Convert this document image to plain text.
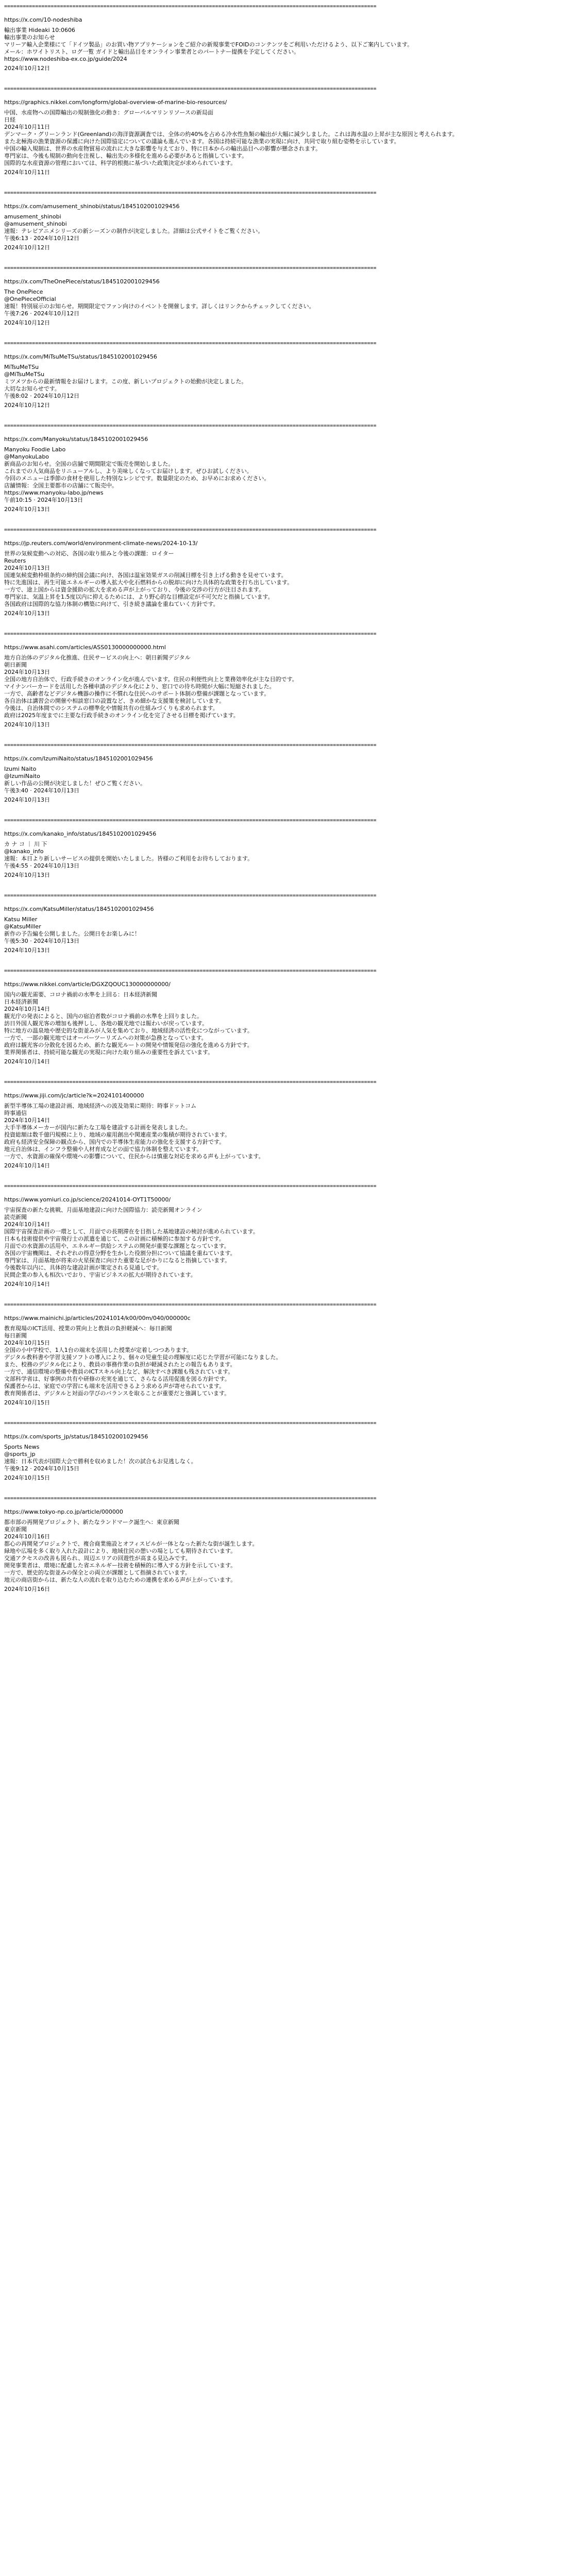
========================================================================================================================
https://x.com/10-nodeshiba
輸出事業 Hideaki 10:0606
輸出事業のお知らせ
マリーア輸入企業様にて「ドイツ製品」のお買い物アプリケーションをご紹介の新規事業でFOIDのコンテンツをご利用いただけるよう、以下ご案内しています。
メール：ホワイトリスト、ログ一覧 ガイドと輸出品目をオンライン事業者とのパートナー提携を予定してください。
https://www.nodeshiba-ex.co.jp/guide/2024
2024年10月12日
========================================================================================================================
https://graphics.nikkei.com/longform/global-overview-of-marine-bio-resources/
中国、水産物への国際輸出の規制強化の動き：グローバルマリンリソースの新局面
日経
2024年10月11日
デンマーク・グリーンランド(Greenland)の海洋資源調査では、全体の約40%を占める冷水性魚類の輸出が大幅に減少しました。これは海水温の上昇が主な原因と考えられます。
また北極海の漁業資源の保護に向けた国際協定についての議論も進んでいます。各国は持続可能な漁業の実現に向け、共同で取り組む姿勢を示しています。
中国の輸入規制は、世界の水産物貿易の流れに大きな影響を与えており、特に日本からの輸出品目への影響が懸念されます。
専門家は、今後も規制の動向を注視し、輸出先の多様化を進める必要があると指摘しています。
国際的な水産資源の管理においては、科学的根拠に基づいた政策決定が求められています。
2024年10月11日
========================================================================================================================
https://x.com/amusement_shinobi/status/1845102001029456
amusement_shinobi
@amusement_shinobi
速報：テレビアニメシリーズの新シーズンの制作が決定しました。詳細は公式サイトをご覧ください。
午後6:13 · 2024年10月12日
2024年10月12日
========================================================================================================================
https://x.com/TheOnePiece/status/1845102001029456
The OnePiece
@OnePieceOfficial
速報！特別展示のお知らせ。期間限定でファン向けのイベントを開催します。詳しくはリンクからチェックしてください。
午後7:26 · 2024年10月12日
2024年10月12日
========================================================================================================================
https://x.com/MiTsuMeTSu/status/1845102001029456
MiTsuMeTSu
@MiTsuMeTSu
ミツメツからの最新情報をお届けします。この度、新しいプロジェクトの始動が決定しました。
大切なお知らせです。
午後8:02 · 2024年10月12日
2024年10月12日
========================================================================================================================
https://x.com/Manyoku/status/1845102001029456
Manyoku Foodie Labo
@ManyokuLabo
新商品のお知らせ。全国の店舗で期間限定で販売を開始しました。
これまでの人気商品をリニューアルし、より美味しくなってお届けします。ぜひお試しください。
今回のメニューは季節の食材を使用した特別なレシピです。数量限定のため、お早めにお求めください。
店舗情報：全国主要都市の店舗にて販売中。
https://www.manyoku-labo.jp/news
午前10:15 · 2024年10月13日
2024年10月13日
========================================================================================================================
https://jp.reuters.com/world/environment-climate-news/2024-10-13/
世界の気候変動への対応、各国の取り組みと今後の課題：ロイター
Reuters
2024年10月13日
国連気候変動枠組条約の締約国会議に向け、各国は温室効果ガスの削減目標を引き上げる動きを見せています。
特に先進国は、再生可能エネルギーの導入拡大や化石燃料からの脱却に向けた具体的な政策を打ち出しています。
一方で、途上国からは資金援助の拡大を求める声が上がっており、今後の交渉の行方が注目されます。
専門家は、気温上昇を1.5度以内に抑えるためには、より野心的な目標設定が不可欠だと指摘しています。
各国政府は国際的な協力体制の構築に向けて、引き続き議論を重ねていく方針です。
2024年10月13日
========================================================================================================================
https://www.asahi.com/articles/ASS0130000000000.html
地方自治体のデジタル化推進、住民サービスの向上へ：朝日新聞デジタル
朝日新聞
2024年10月13日
全国の地方自治体で、行政手続きのオンライン化が進んでいます。住民の利便性向上と業務効率化が主な目的です。
マイナンバーカードを活用した各種申請のデジタル化により、窓口での待ち時間が大幅に短縮されました。
一方で、高齢者などデジタル機器の操作に不慣れな住民へのサポート体制の整備が課題となっています。
各自治体は講習会の開催や相談窓口の設置など、きめ細かな支援策を検討しています。
今後は、自治体間でのシステムの標準化や情報共有の仕組みづくりも求められます。
政府は2025年度までに主要な行政手続きのオンライン化を完了させる目標を掲げています。
2024年10月13日
========================================================================================================================
https://x.com/IzumiNaito/status/1845102001029456
Izumi Naito
@IzumiNaito
新しい作品の公開が決定しました！ぜひご覧ください。
午後3:40 · 2024年10月13日
2024年10月13日
========================================================================================================================
https://x.com/kanako_info/status/1845102001029456
カ ナ コ ｜ 川 下
@kanako_info
速報：本日より新しいサービスの提供を開始いたしました。皆様のご利用をお待ちしております。
午後4:55 · 2024年10月13日
2024年10月13日
========================================================================================================================
https://x.com/KatsuMiller/status/1845102001029456
Katsu Miller
@KatsuMiller
新作の予告編を公開しました。公開日をお楽しみに！
午後5:30 · 2024年10月13日
2024年10月13日
========================================================================================================================
https://www.nikkei.com/article/DGXZQOUC130000000000/
国内の観光需要、コロナ禍前の水準を上回る：日本経済新聞
日本経済新聞
2024年10月14日
観光庁の発表によると、国内の宿泊者数がコロナ禍前の水準を上回りました。
訪日外国人観光客の増加も後押しし、各地の観光地では賑わいが戻っています。
特に地方の温泉地や歴史的な街並みが人気を集めており、地域経済の活性化につながっています。
一方で、一部の観光地ではオーバーツーリズムへの対策が急務となっています。
政府は観光客の分散化を図るため、新たな観光ルートの開発や情報発信の強化を進める方針です。
業界関係者は、持続可能な観光の実現に向けた取り組みの重要性を訴えています。
2024年10月14日
========================================================================================================================
https://www.jiji.com/jc/article?k=2024101400000
新型半導体工場の建設計画、地域経済への波及効果に期待：時事ドットコム
時事通信
2024年10月14日
大手半導体メーカーが国内に新たな工場を建設する計画を発表しました。
投資総額は数千億円規模に上り、地域の雇用創出や関連産業の集積が期待されています。
政府も経済安全保障の観点から、国内での半導体生産能力の強化を支援する方針です。
地元自治体は、インフラ整備や人材育成などの面で協力体制を整えています。
一方で、水資源の確保や環境への影響について、住民からは慎重な対応を求める声も上がっています。
2024年10月14日
========================================================================================================================
https://www.yomiuri.co.jp/science/20241014-OYT1T50000/
宇宙探査の新たな挑戦、月面基地建設に向けた国際協力：読売新聞オンライン
読売新聞
2024年10月14日
国際宇宙探査計画の一環として、月面での長期滞在を目指した基地建設の検討が進められています。
日本も技術提供や宇宙飛行士の派遣を通じて、この計画に積極的に参加する方針です。
月面での水資源の活用や、エネルギー供給システムの開発が重要な課題となっています。
各国の宇宙機関は、それぞれの得意分野を生かした役割分担について協議を重ねています。
専門家は、月面基地が将来の火星探査に向けた重要な足がかりになると指摘しています。
今後数年以内に、具体的な建設計画が策定される見通しです。
民間企業の参入も相次いでおり、宇宙ビジネスの拡大が期待されています。
2024年10月14日
========================================================================================================================
https://www.mainichi.jp/articles/20241014/k00/00m/040/000000c
教育現場のICT活用、授業の質向上と教員の負担軽減へ：毎日新聞
毎日新聞
2024年10月15日
全国の小中学校で、1人1台の端末を活用した授業が定着しつつあります。
デジタル教科書や学習支援ソフトの導入により、個々の児童生徒の理解度に応じた学習が可能になりました。
また、校務のデジタル化により、教員の事務作業の負担が軽減されたとの報告もあります。
一方で、通信環境の整備や教員のICTスキル向上など、解決すべき課題も残されています。
文部科学省は、好事例の共有や研修の充実を通じて、さらなる活用促進を図る方針です。
保護者からは、家庭での学習にも端末を活用できるよう求める声が寄せられています。
教育関係者は、デジタルと対面の学びのバランスを取ることが重要だと強調しています。
2024年10月15日
========================================================================================================================
https://x.com/sports_jp/status/1845102001029456
Sports News
@sports_jp
速報：日本代表が国際大会で勝利を収めました！次の試合もお見逃しなく。
午後9:12 · 2024年10月15日
2024年10月15日
========================================================================================================================
https://www.tokyo-np.co.jp/article/000000
都市部の再開発プロジェクト、新たなランドマーク誕生へ：東京新聞
東京新聞
2024年10月16日
都心の再開発プロジェクトで、複合商業施設とオフィスビルが一体となった新たな街が誕生します。
緑地や広場を多く取り入れた設計により、地域住民の憩いの場としても期待されています。
交通アクセスの改善も図られ、周辺エリアの回遊性が高まる見込みです。
開発事業者は、環境に配慮した省エネルギー技術を積極的に導入する方針を示しています。
一方で、歴史的な街並みの保全との両立が課題として指摘されています。
地元の商店街からは、新たな人の流れを取り込むための連携を求める声が上がっています。
2024年10月16日
